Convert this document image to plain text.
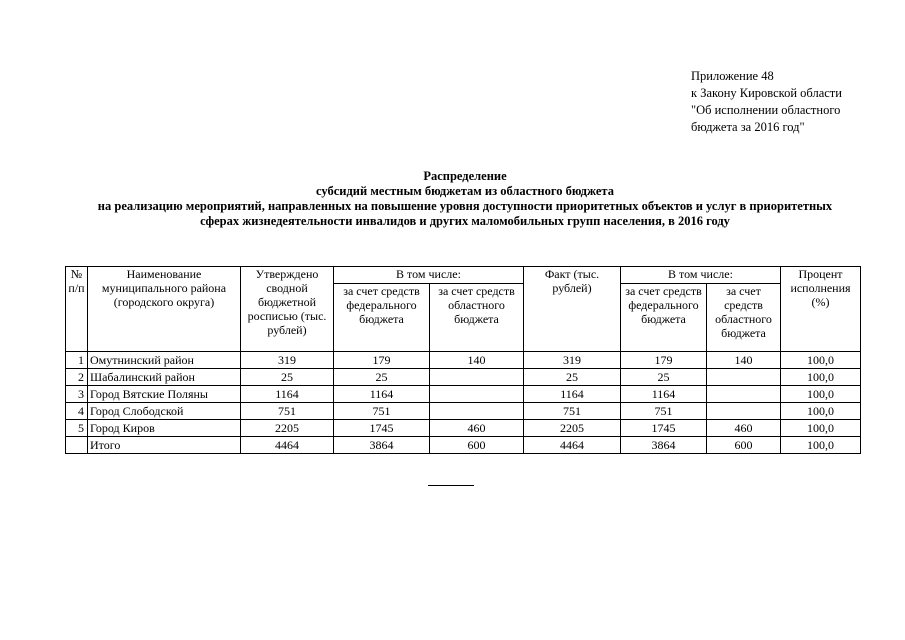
Приложение 48
к Закону Кировской области
"Об исполнении областного
бюджета за 2016 год"
Распределение
субсидий местным бюджетам из областного бюджета
на реализацию мероприятий, направленных на повышение уровня доступности приоритетных объектов и услуг в приоритетных
сферах жизнедеятельности инвалидов и других маломобильных групп населения, в 2016 году
№ п/п	Наименование муниципального района (городского округа)	Утверждено сводной бюджетной росписью (тыс. рублей)	В том числе:		Факт (тыс. рублей)	В том числе:		Процент исполнения (%)
			за счет средств федерального бюджета	за счет средств областного бюджета		за счет средств федерального бюджета	за счет средств областного бюджета	
1	Омутнинский район	319	179	140	319	179	140	100,0
2	Шабалинский район	25	25		25	25		100,0
3	Город Вятские Поляны	1164	1164		1164	1164		100,0
4	Город Слободской	751	751		751	751		100,0
5	Город Киров	2205	1745	460	2205	1745	460	100,0
	Итого	4464	3864	600	4464	3864	600	100,0
